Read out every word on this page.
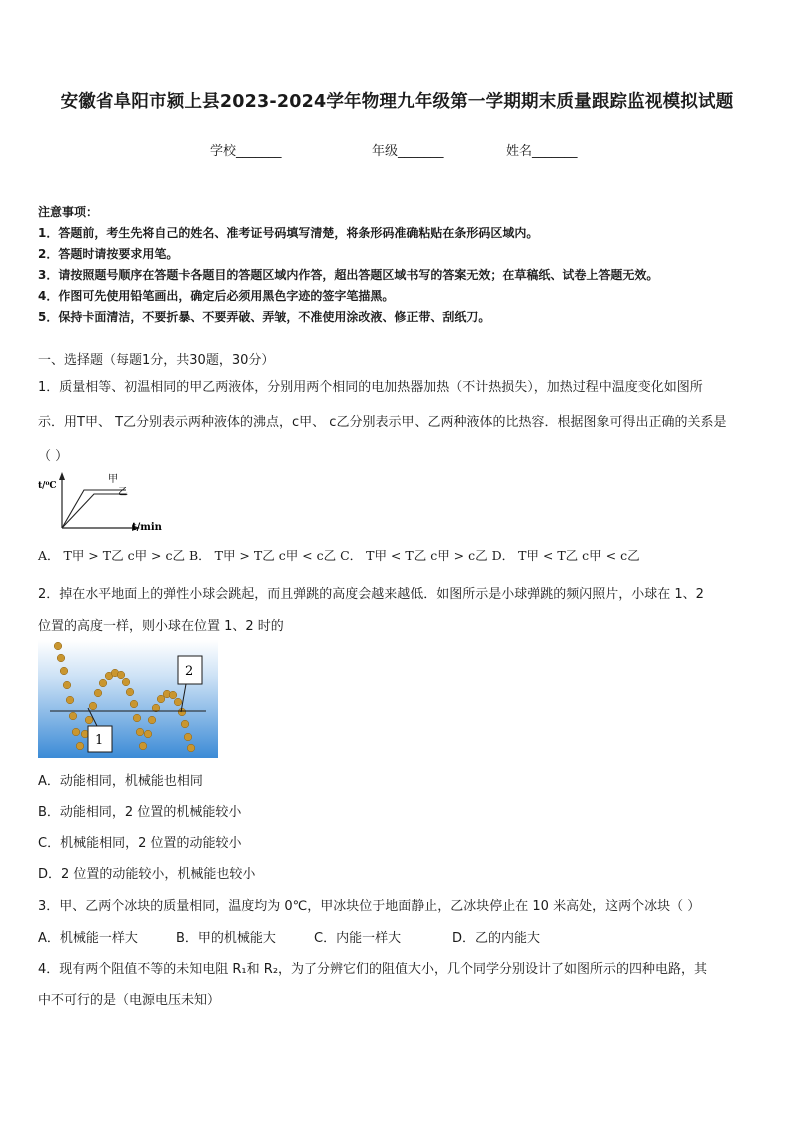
安徽省阜阳市颍上县2023-2024学年物理九年级第一学期期末质量跟踪监视模拟试题
学校_______	年级_______	姓名_______
注意事项：
1．答题前，考生先将自己的姓名、准考证号码填写清楚，将条形码准确粘贴在条形码区域内。
2．答题时请按要求用笔。
3．请按照题号顺序在答题卡各题目的答题区域内作答，超出答题区域书写的答案无效；在草稿纸、试卷上答题无效。
4．作图可先使用铅笔画出，确定后必须用黑色字迹的签字笔描黑。
5．保持卡面清洁，不要折暴、不要弄破、弄皱，不准使用涂改液、修正带、刮纸刀。
一、选择题（每题1分，共30题，30分）
1．质量相等、初温相同的甲乙两液体，分别用两个相同的电加热器加热（不计热损失），加热过程中温度变化如图所
示．用T甲、 T乙分别表示两种液体的沸点，c甲、 c乙分别表示甲、乙两种液体的比热容．根据图象可得出正确的关系是
（ ）
t/⁰C
t/min
甲
乙
A． T甲 > T乙 c甲 > c乙 B． T甲 > T乙 c甲 < c乙 C． T甲 < T乙 c甲 > c乙 D． T甲 < T乙 c甲 < c乙
2．掉在水平地面上的弹性小球会跳起，而且弹跳的高度会越来越低．如图所示是小球弹跳的频闪照片，小球在 1、2
位置的高度一样，则小球在位置 1、2 时的
1
2
A．动能相同，机械能也相同
B．动能相同，2 位置的机械能较小
C．机械能相同，2 位置的动能较小
D．2 位置的动能较小，机械能也较小
3．甲、乙两个冰块的质量相同，温度均为 0℃，甲冰块位于地面静止，乙冰块停止在 10 米高处，这两个冰块（ ）
A．机械能一样大	B．甲的机械能大	C．内能一样大	D．乙的内能大
4．现有两个阻值不等的未知电阻 R₁和 R₂，为了分辨它们的阻值大小，几个同学分别设计了如图所示的四种电路，其
中不可行的是（电源电压未知）
